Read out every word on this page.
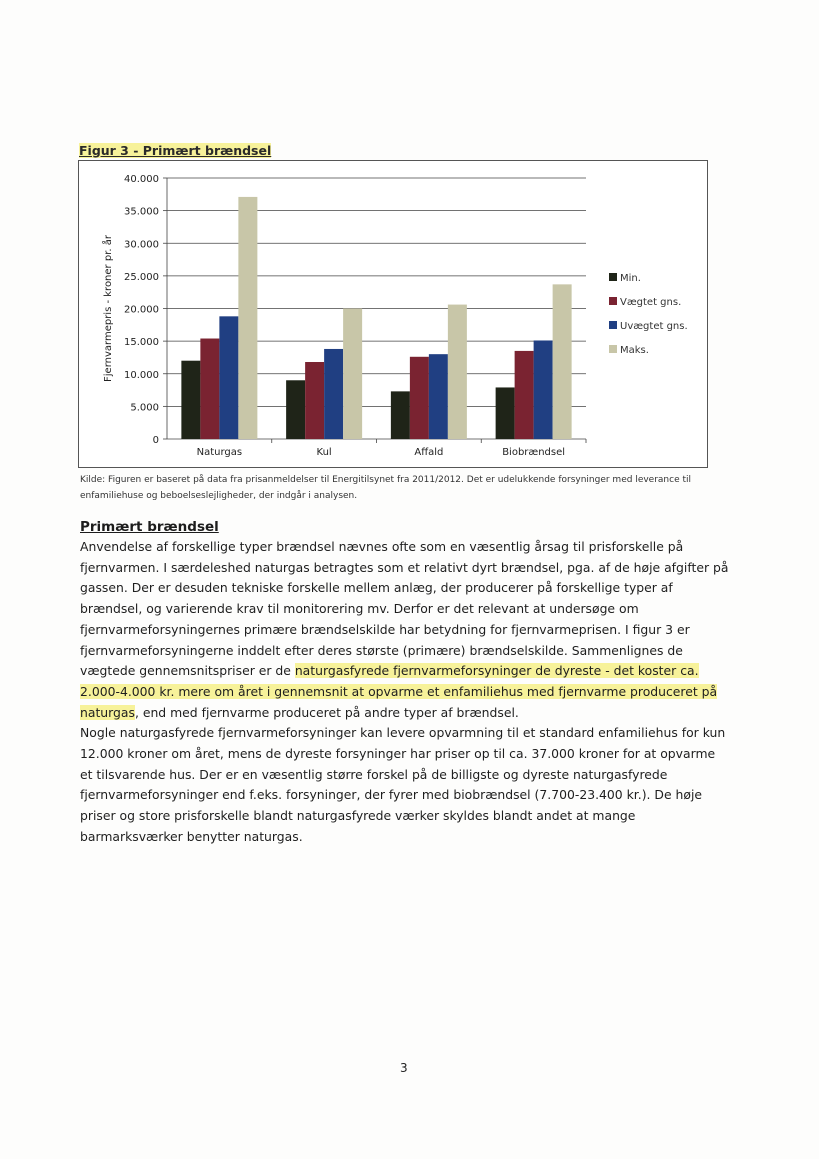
Figur 3 - Primært brændsel
0
5.000
10.000
15.000
20.000
25.000
30.000
35.000
40.000
Fjernvarmepris - kroner pr. år
Naturgas	Kul	Affald	Biobrændsel
Min.
Vægtet gns.
Uvægtet gns.
Maks.
Kilde: Figuren er baseret på data fra prisanmeldelser til Energitilsynet fra 2011/2012. Det er udelukkende forsyninger med leverance til enfamiliehuse og beboelseslejligheder, der indgår i analysen.
Primært brændsel

Anvendelse af forskellige typer brændsel nævnes ofte som en væsentlig årsag til prisforskelle på fjernvarmen. I særdeleshed naturgas betragtes som et relativt dyrt brændsel, pga. af de høje afgifter på gassen. Der er desuden tekniske forskelle mellem anlæg, der producerer på forskellige typer af brændsel, og varierende krav til monitorering mv. Derfor er det relevant at undersøge om fjernvarmeforsyningernes primære brændselskilde har betydning for fjernvarmeprisen. I figur 3 er fjernvarmeforsyningerne inddelt efter deres største (primære) brændselskilde. Sammenlignes de vægtede gennemsnitspriser er de naturgasfyrede fjernvarmeforsyninger de dyreste - det koster ca. 2.000-4.000 kr. mere om året i gennemsnit at opvarme et enfamiliehus med fjernvarme produceret på naturgas, end med fjernvarme produceret på andre typer af brændsel.

Nogle naturgasfyrede fjernvarmeforsyninger kan levere opvarmning til et standard enfamiliehus for kun 12.000 kroner om året, mens de dyreste forsyninger har priser op til ca. 37.000 kroner for at opvarme et tilsvarende hus. Der er en væsentlig større forskel på de billigste og dyreste naturgasfyrede fjernvarmeforsyninger end f.eks. forsyninger, der fyrer med biobrændsel (7.700-23.400 kr.). De høje priser og store prisforskelle blandt naturgasfyrede værker skyldes blandt andet at mange barmarksværker benytter naturgas.

3
